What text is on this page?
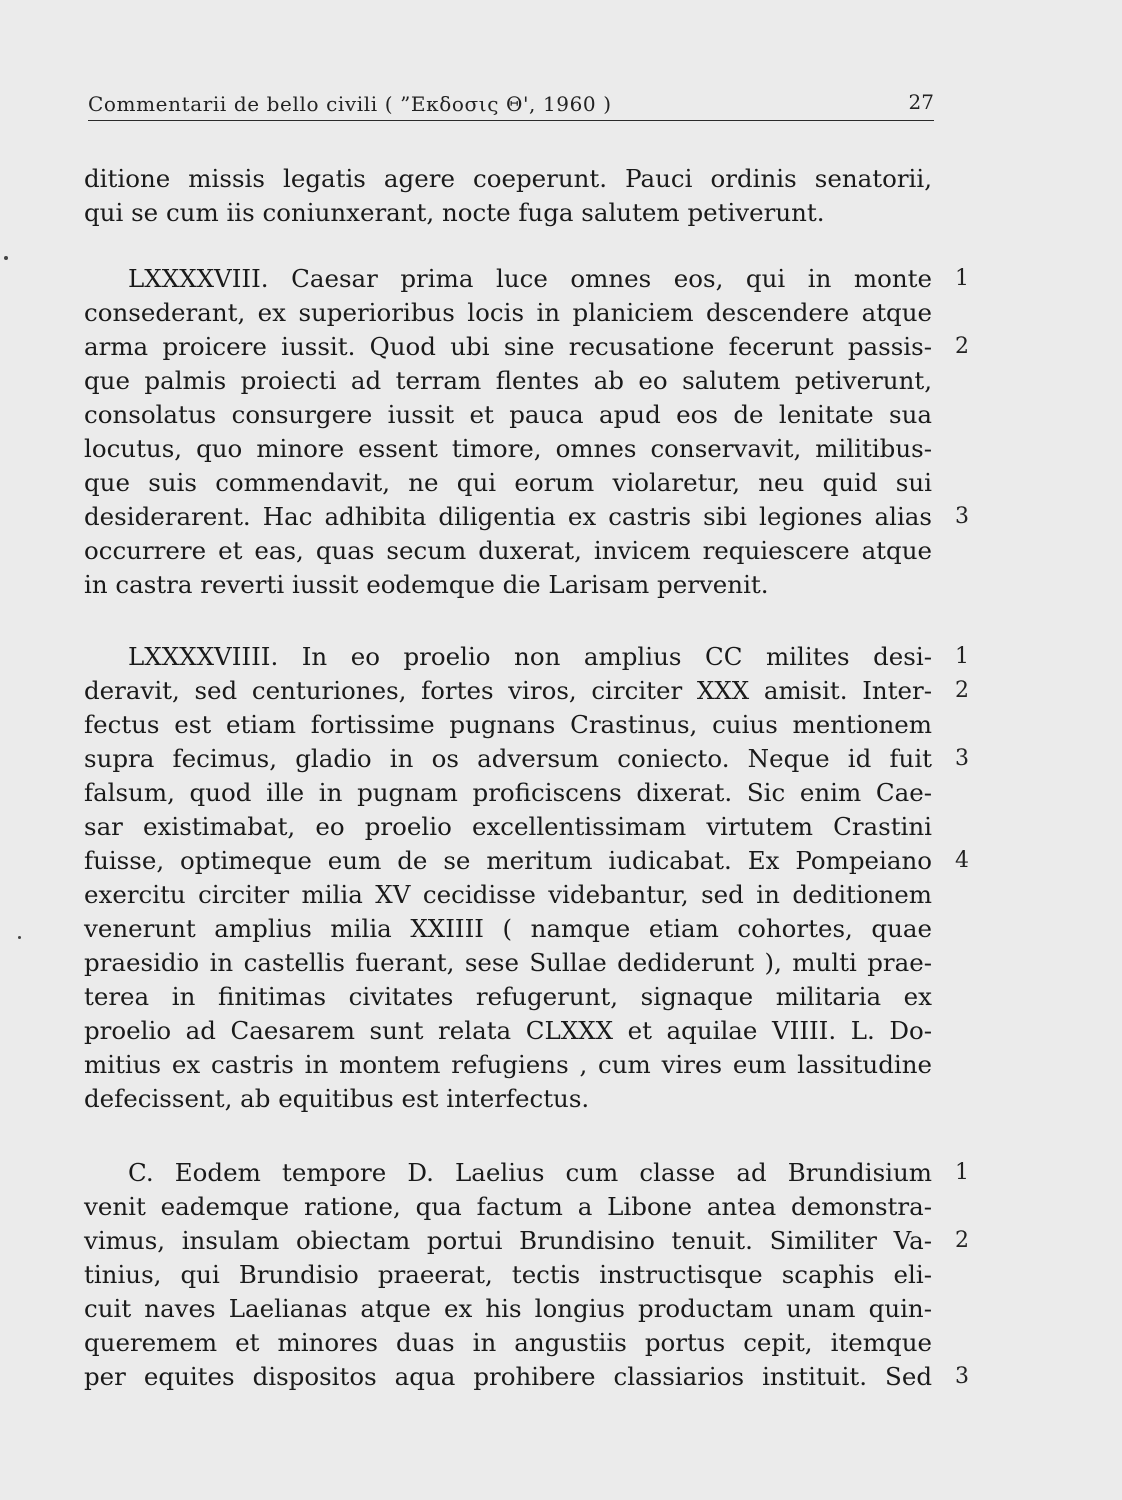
Commentarii de bello civili ( ”Εκδοσις Θ', 1960 )	27
ditione missis legatis agere coeperunt. Pauci ordinis senatorii,
qui se cum iis coniunxerant, nocte fuga salutem petiverunt.
LXXXXVIII. Caesar prima luce omnes eos, qui in monte
consederant, ex superioribus locis in planiciem descendere atque
arma proicere iussit. Quod ubi sine recusatione fecerunt passis-
que palmis proiecti ad terram flentes ab eo salutem petiverunt,
consolatus consurgere iussit et pauca apud eos de lenitate sua
locutus, quo minore essent timore, omnes conservavit, militibus-
que suis commendavit, ne qui eorum violaretur, neu quid sui
desiderarent. Hac adhibita diligentia ex castris sibi legiones alias
occurrere et eas, quas secum duxerat, invicem requiescere atque
in castra reverti iussit eodemque die Larisam pervenit.
LXXXXVIIII. In eo proelio non amplius CC milites desi-
deravit, sed centuriones, fortes viros, circiter XXX amisit. Inter-
fectus est etiam fortissime pugnans Crastinus, cuius mentionem
supra fecimus, gladio in os adversum coniecto. Neque id fuit
falsum, quod ille in pugnam proficiscens dixerat. Sic enim Cae-
sar existimabat, eo proelio excellentissimam virtutem Crastini
fuisse, optimeque eum de se meritum iudicabat. Ex Pompeiano
exercitu circiter milia XV cecidisse videbantur, sed in deditionem
venerunt amplius milia XXIIII ( namque etiam cohortes, quae
praesidio in castellis fuerant, sese Sullae dediderunt ), multi prae-
terea in finitimas civitates refugerunt, signaque militaria ex
proelio ad Caesarem sunt relata CLXXX et aquilae VIIII. L. Do-
mitius ex castris in montem refugiens , cum vires eum lassitudine
defecissent, ab equitibus est interfectus.
C. Eodem tempore D. Laelius cum classe ad Brundisium
venit eademque ratione, qua factum a Libone antea demonstra-
vimus, insulam obiectam portui Brundisino tenuit. Similiter Va-
tinius, qui Brundisio praeerat, tectis instructisque scaphis eli-
cuit naves Laelianas atque ex his longius productam unam quin-
queremem et minores duas in angustiis portus cepit, itemque
per equites dispositos aqua prohibere classiarios instituit. Sed
1
2
3
1
2
3
4
1
2
3
